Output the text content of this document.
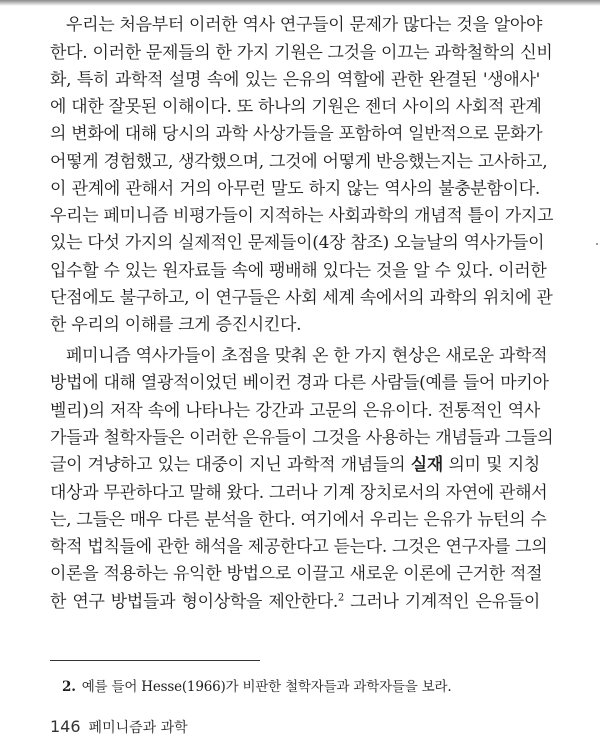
우리는 처음부터 이러한 역사 연구들이 문제가 많다는 것을 알아야
한다. 이러한 문제들의 한 가지 기원은 그것을 이끄는 과학철학의 신비
화, 특히 과학적 설명 속에 있는 은유의 역할에 관한 완결된 '생애사'
에 대한 잘못된 이해이다. 또 하나의 기원은 젠더 사이의 사회적 관계
의 변화에 대해 당시의 과학 사상가들을 포함하여 일반적으로 문화가
어떻게 경험했고, 생각했으며, 그것에 어떻게 반응했는지는 고사하고,
이 관계에 관해서 거의 아무런 말도 하지 않는 역사의 불충분함이다.
우리는 페미니즘 비평가들이 지적하는 사회과학의 개념적 틀이 가지고
있는 다섯 가지의 실제적인 문제들이(4장 참조) 오늘날의 역사가들이
입수할 수 있는 원자료들 속에 팽배해 있다는 것을 알 수 있다. 이러한
단점에도 불구하고, 이 연구들은 사회 세계 속에서의 과학의 위치에 관
한 우리의 이해를 크게 증진시킨다.
페미니즘 역사가들이 초점을 맞춰 온 한 가지 현상은 새로운 과학적
방법에 대해 열광적이었던 베이컨 경과 다른 사람들(예를 들어 마키아
벨리)의 저작 속에 나타나는 강간과 고문의 은유이다. 전통적인 역사
가들과 철학자들은 이러한 은유들이 그것을 사용하는 개념들과 그들의
글이 겨냥하고 있는 대중이 지닌 과학적 개념들의 실재 의미 및 지칭
대상과 무관하다고 말해 왔다. 그러나 기계 장치로서의 자연에 관해서
는, 그들은 매우 다른 분석을 한다. 여기에서 우리는 은유가 뉴턴의 수
학적 법칙들에 관한 해석을 제공한다고 듣는다. 그것은 연구자를 그의
이론을 적용하는 유익한 방법으로 이끌고 새로운 이론에 근거한 적절
한 연구 방법들과 형이상학을 제안한다.$^2$ 그러나 기계적인 은유들이
2. 예를 들어 Hesse(1966)가 비판한 철학자들과 과학자들을 보라.
146 페미니즘과 과학
